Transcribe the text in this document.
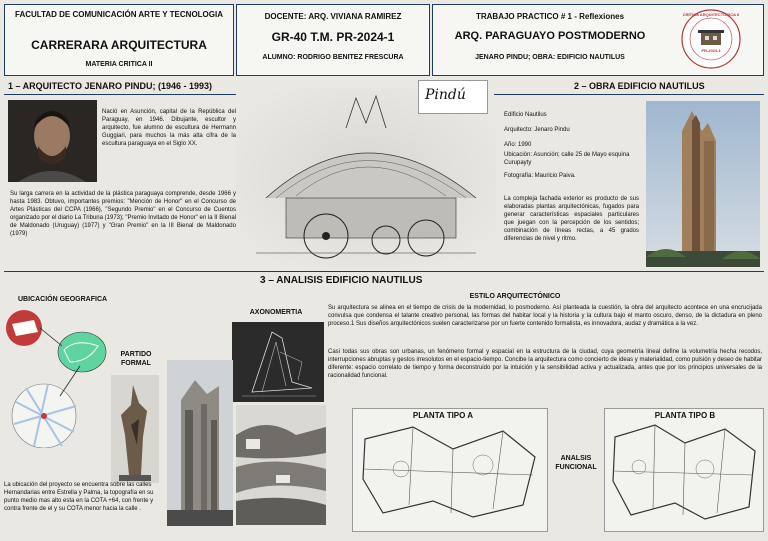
FACULTAD DE COMUNICACIÓN ARTE Y TECNOLOGIA
CARRERARA ARQUITECTURA
MATERIA CRITICA II
DOCENTE: ARQ. VIVIANA RAMIREZ
GR-40 T.M. PR-2024-1
ALUMNO: RODRIGO BENITEZ FRESCURA
TRABAJO PRACTICO # 1 - Reflexiones
ARQ. PARAGUAYO POSTMODERNO
JENARO PINDU; OBRA: EDIFICIO NAUTILUS
CRÍTICA ARQUITECTÓNICA II
PR-2024-1
1 – ARQUITECTO JENARO PINDU; (1946 - 1993)
Nació en Asunción, capital de la República del Paraguay, en 1946. Dibujante, escultor y arquitecto, fue alumno de escultura de Hermann Guggiari, para muchos la más alta cifra de la escultura paraguaya en el Siglo XX.
Su larga carrera en la actividad de la plástica paraguaya comprende, desde 1966 y hasta 1983. Obtuvo, importantes premios: "Mención de Honor" en el Concurso de Artes Plásticas del CCPA (1966), "Segundo Premio" en el Concurso de Cuentos organizado por el diario La Tribuna (1973); "Premio Invitado de Honor" en la II Bienal de Maldonado (Uruguay) (1977) y "Gran Premio" en la III Bienal de Maldonado (1979)
Pindú
2 – OBRA EDIFICIO NAUTILUS
Edificio Nautilus
Arquitecto: Jenaro Pindu
Año: 1990
Ubicación: Asunción; calle 25 de Mayo esquina Curupayty
Fotografía: Mauricio Paiva.
La compleja fachada exterior es producto de sus elaboradas plantas arquitectónicas, fugados para generar características espaciales particulares que juegan con la percepción de los sentidos; combinación de líneas rectas, a 45 grados diferencias de nivel y ritmo.
3 – ANALISIS EDIFICIO NAUTILUS
UBICACIÓN GEOGRAFICA
PARTIDO FORMAL
AXONOMERTIA
La ubicación del proyecto se encuentra sobre las calles Hernandarias entre Estrella y Palma, la topografía en su punto medio mas alto esta en la COTA +64, con frente y contra frente de el y su COTA menor hacia la calle .
ESTILO ARQUITECTÓNICO
Su arquitectura se alinea en el tiempo de crisis de la modernidad, lo posmoderno. Así planteada la cuestión, la obra del arquitecto acontece en una encrucijada convulsa que condensa el talante creativo personal, las formas del habitar local y la historia y la cultura bajo el manto oscuro, denso, de la dictadura en pleno proceso.1 Sus diseños arquitectónicos suelen caracterizarse por un fuerte contenido formalista, es innovadora, audaz y dramática a la vez.
Casi todas sus obras son urbanas, un fenómeno formal y espacial en la estructura de la ciudad, cuya geometría lineal define la volumetría hecha recodos, interrupciones abruptas y gestos irresolutos en el espacio-tiempo. Concibe la arquitectura como concierto de ideas y materialidad, como pulsión y deseo de habitar diferente: espacio correlato de tiempo y forma deconstruido por la intuición y la sensibilidad activa y actualizada, antes que por los principios universales de la racionalidad funcional.
PLANTA TIPO A
ANALSIS FUNCIONAL
PLANTA TIPO B
